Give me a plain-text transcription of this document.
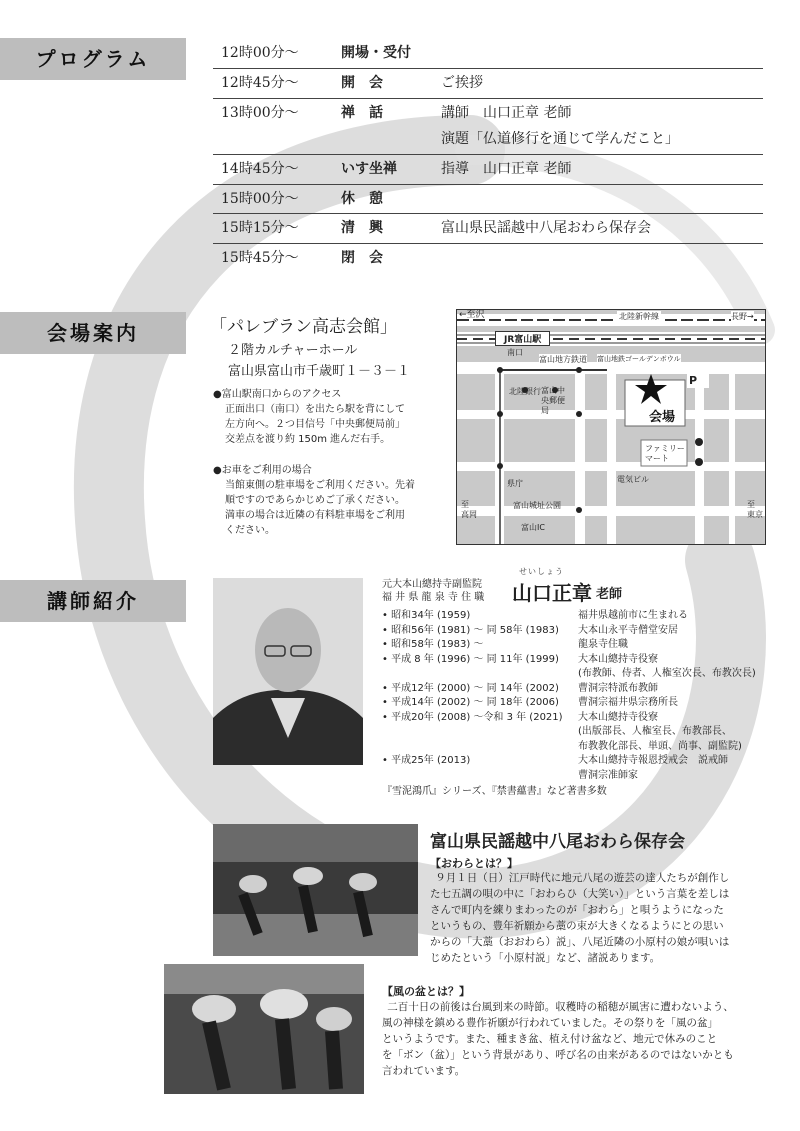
プログラム	12時00分～	開場・受付
12時45分～	開　会	ご挨拶
13時00分～	禅　話	講師　山口正章 老師
演題「仏道修行を通じて学んだこと」
14時45分～	いす坐禅	指導　山口正章 老師
15時00分～	休　憩
15時15分～	清　興	富山県民謡越中八尾おわら保存会
15時45分～	閉　会
会場案内	「パレブラン高志会館」
２階カルチャーホール
富山県富山市千歳町１－３－１
●富山駅南口からのアクセス
正面出口（南口）を出たら駅を背にして
左方向へ。２つ目信号「中央郵便局前」
交差点を渡り約 150m 進んだ右手。
●お車をご利用の場合
当館東側の駐車場をご利用ください。先着
順ですのであらかじめご了承ください。
満車の場合は近隣の有料駐車場をご利用
ください。
←至沢
JR富山駅
北陸新幹線	長野→
南口
富山地方鉄道 富山地鉄ゴールデンボウル
北陸銀行 富山中央郵便局	会場
P
ファミリーマート
県庁
富山城址公園
電気ビル
富山IC
至
高岡
至
東京
講師紹介
元大本山總持寺副監院
福 井 県 龍 泉 寺 住 職
せいしょう
山口正章 老師
• 昭和34年 (1959)	福井県越前市に生まれる
• 昭和56年 (1981) ～ 同 58年 (1983)	大本山永平寺僧堂安居
• 昭和58年 (1983) ～	龍泉寺住職
• 平成 8 年 (1996) ～ 同 11年 (1999)	大本山總持寺役寮
(布教師、侍者、人権室次長、布教次長)
• 平成12年 (2000) ～ 同 14年 (2002)	曹洞宗特派布教師
• 平成14年 (2002) ～ 同 18年 (2006)	曹洞宗福井県宗務所長
• 平成20年 (2008) ～令和 3 年 (2021)	大本山總持寺役寮
(出版部長、人権室長、布教部長、
布教教化部長、単頭、尚事、副監院)
• 平成25年 (2013)	大本山總持寺報恩授戒会　説戒師
曹洞宗准師家
『雪泥鴻爪』シリーズ、『禁書蘊書』など著書多数
富山県民謡越中八尾おわら保存会
【おわらとは？】
９月１日（日）江戸時代に地元八尾の遊芸の達人たちが創作し
た七五調の唄の中に「おわらひ（大笑い）」という言葉を差しは
さんで町内を練りまわったのが「おわら」と唄うようになった
というもの、豊年祈願から藁の束が大きくなるようにとの思い
からの「大藁（おおわら）説」、八尾近隣の小原村の娘が唄いは
じめたという「小原村説」など、諸説あります。
【風の盆とは？】
二百十日の前後は台風到来の時節。収穫時の稲穂が風害に遭わないよう、
風の神様を鎮める豊作祈願が行われていました。その祭りを「風の盆」
というようです。また、種まき盆、植え付け盆など、地元で休みのこと
を「ボン（盆）」という背景があり、呼び名の由来があるのではないかとも
言われています。
